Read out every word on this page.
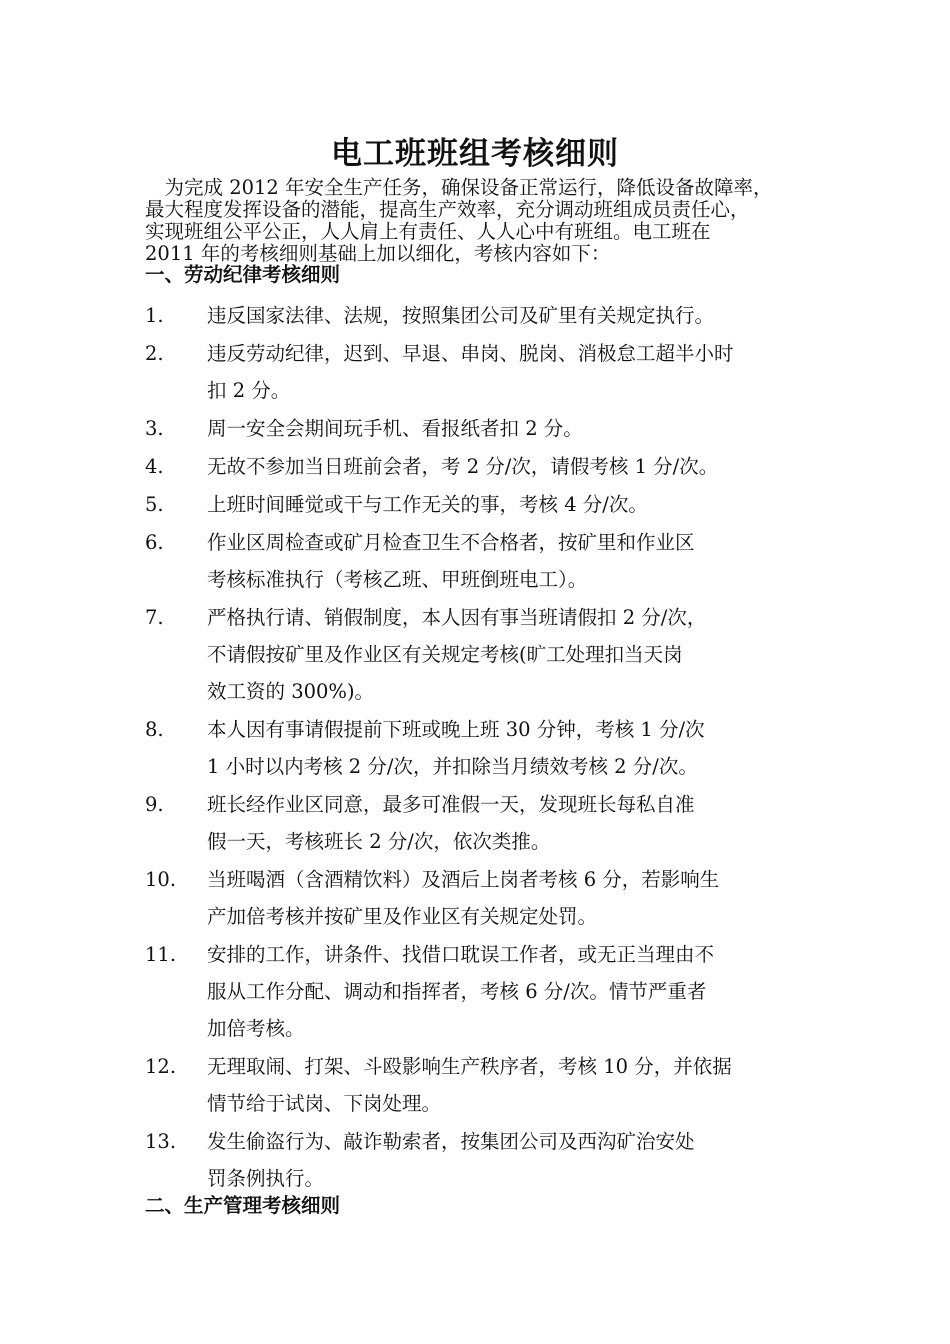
电工班班组考核细则
　为完成 2012 年安全生产任务，确保设备正常运行，降低设备故障率，
最大程度发挥设备的潜能，提高生产效率，充分调动班组成员责任心，
实现班组公平公正，人人肩上有责任、人人心中有班组。电工班在
2011 年的考核细则基础上加以细化，考核内容如下：
一、劳动纪律考核细则
1.	违反国家法律、法规，按照集团公司及矿里有关规定执行。
2.	违反劳动纪律，迟到、早退、串岗、脱岗、消极怠工超半小时
扣 2 分。
3.	周一安全会期间玩手机、看报纸者扣 2 分。
4.	无故不参加当日班前会者，考 2 分/次，请假考核 1 分/次。
5.	上班时间睡觉或干与工作无关的事，考核 4 分/次。
6.	作业区周检查或矿月检查卫生不合格者，按矿里和作业区
考核标准执行（考核乙班、甲班倒班电工）。
7.	严格执行请、销假制度，本人因有事当班请假扣 2 分/次，
不请假按矿里及作业区有关规定考核(旷工处理扣当天岗
效工资的 300%)。
8.	本人因有事请假提前下班或晚上班 30 分钟，考核 1 分/次
1 小时以内考核 2 分/次，并扣除当月绩效考核 2 分/次。
9.	班长经作业区同意，最多可准假一天，发现班长每私自准
假一天，考核班长 2 分/次，依次类推。
10.	当班喝酒（含酒精饮料）及酒后上岗者考核 6 分，若影响生
产加倍考核并按矿里及作业区有关规定处罚。
11.	安排的工作，讲条件、找借口耽误工作者，或无正当理由不
服从工作分配、调动和指挥者，考核 6 分/次。情节严重者
加倍考核。
12.	无理取闹、打架、斗殴影响生产秩序者，考核 10 分，并依据
情节给于试岗、下岗处理。
13.	发生偷盗行为、敲诈勒索者，按集团公司及西沟矿治安处
罚条例执行。
二、生产管理考核细则
